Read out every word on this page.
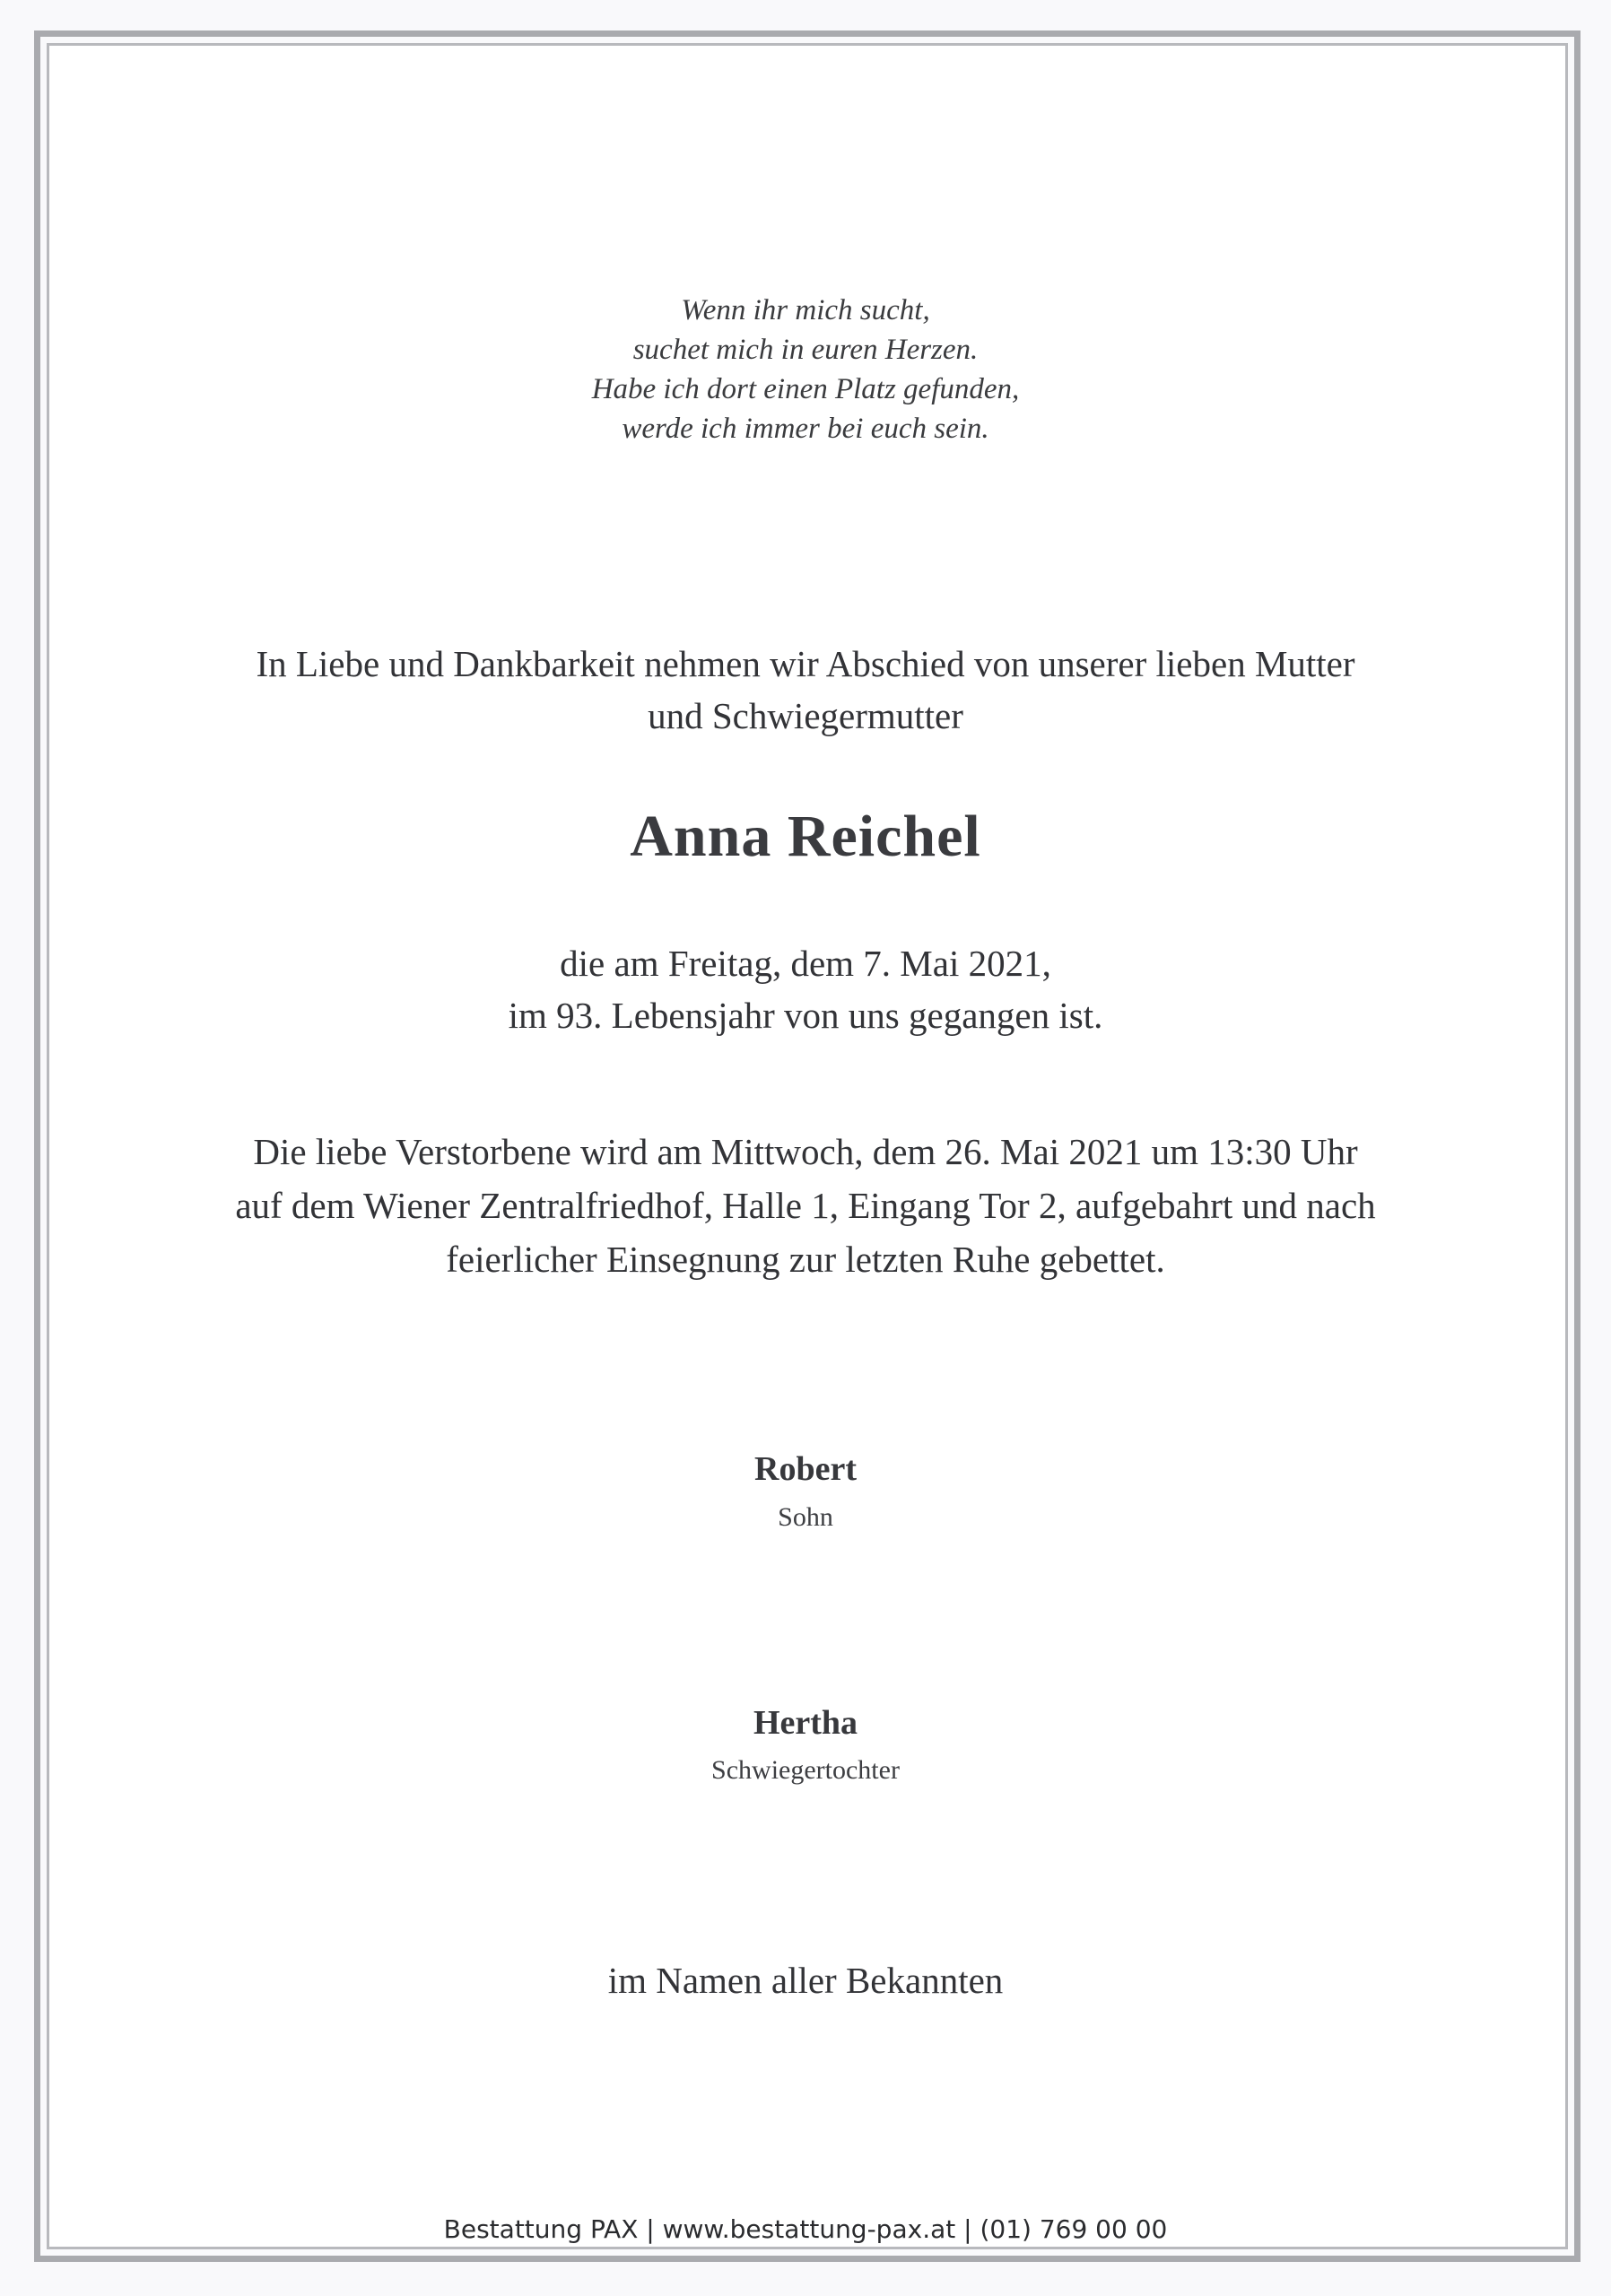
Wenn ihr mich sucht,
suchet mich in euren Herzen.
Habe ich dort einen Platz gefunden,
werde ich immer bei euch sein.
In Liebe und Dankbarkeit nehmen wir Abschied von unserer lieben Mutter
und Schwiegermutter
Anna Reichel
die am Freitag, dem 7. Mai 2021,
im 93. Lebensjahr von uns gegangen ist.
Die liebe Verstorbene wird am Mittwoch, dem 26. Mai 2021 um 13:30 Uhr
auf dem Wiener Zentralfriedhof, Halle 1, Eingang Tor 2, aufgebahrt und nach
feierlicher Einsegnung zur letzten Ruhe gebettet.
Robert
Sohn
Hertha
Schwiegertochter
im Namen aller Bekannten
Bestattung PAX | www.bestattung-pax.at | (01) 769 00 00
